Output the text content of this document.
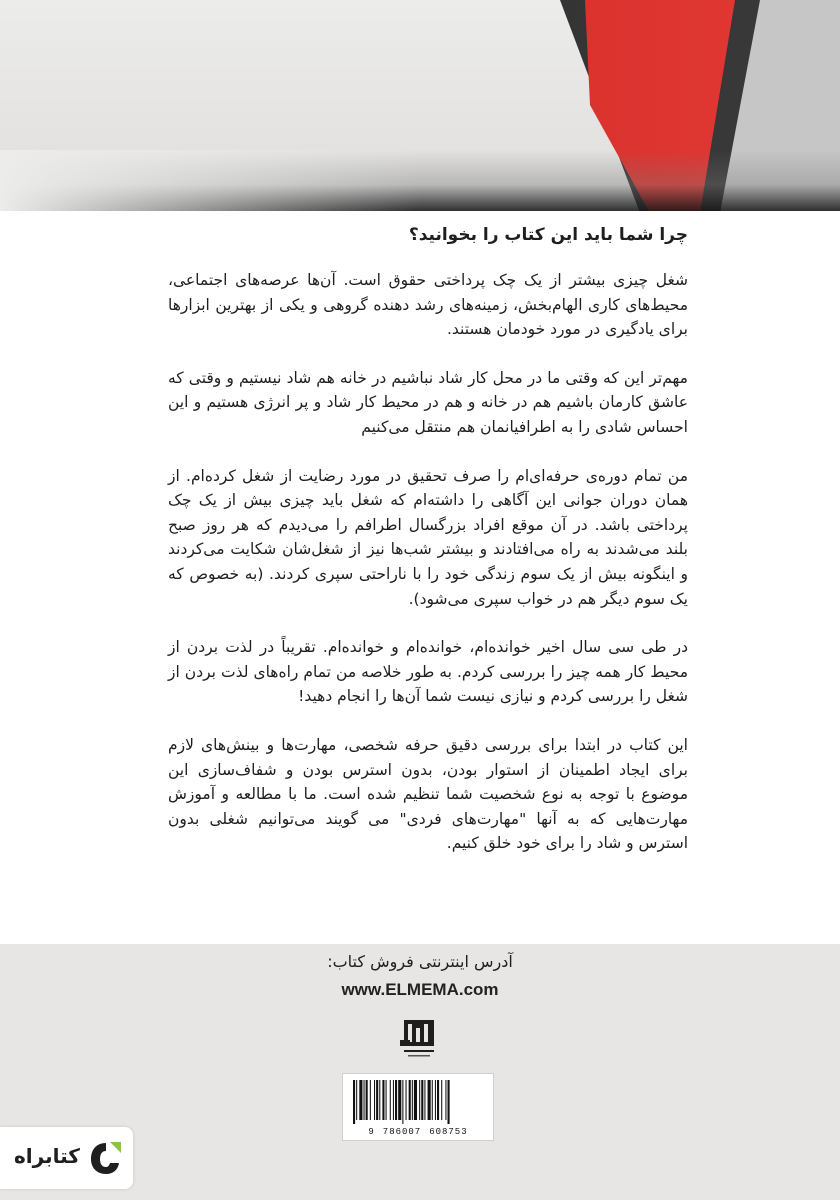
چرا شما باید این کتاب را بخوانید؟

شغل چیزی بیشتر از یک چک پرداختی حقوق است. آن‌ها عرصه‌های اجتماعی، محیط‌های کاری الهام‌بخش، زمینه‌های رشد دهنده گروهی و یکی از بهترین ابزارها برای یادگیری در مورد خودمان هستند.

مهم‌تر این که وقتی ما در محل کار شاد نباشیم در خانه هم شاد نیستیم و وقتی که عاشق کارمان باشیم هم در خانه و هم در محیط کار شاد و پر انرژی هستیم و این احساس شادی را به اطرافیانمان هم منتقل می‌کنیم

من تمام دوره‌ی حرفه‌ای‌ام را صرف تحقیق در مورد رضایت از شغل کرده‌ام. از همان دوران جوانی این آگاهی را داشته‌ام که شغل باید چیزی بیش از یک چک پرداختی باشد. در آن موقع افراد بزرگسال اطرافم را می‌دیدم که هر روز صبح بلند می‌شدند به راه می‌افتادند و بیشتر شب‌ها نیز از شغل‌شان شکایت می‌کردند و اینگونه بیش از یک سوم زندگی خود را با ناراحتی سپری کردند. (به خصوص که یک سوم دیگر هم در خواب سپری می‌شود).

در طی سی سال اخیر خوانده‌ام، خوانده‌ام و خوانده‌ام. تقریباً در لذت بردن از محیط کار همه چیز را بررسی کردم. به طور خلاصه من تمام راه‌های لذت بردن از شغل را بررسی کردم و نیازی نیست شما آن‌ها را انجام دهید!

این کتاب در ابتدا برای بررسی دقیق حرفه شخصی، مهارت‌ها و بینش‌های لازم برای ایجاد اطمینان از استوار بودن، بدون استرس بودن و شفاف‌سازی این موضوع با توجه به نوع شخصیت شما تنظیم شده است. ما با مطالعه و آموزش مهارت‌هایی که به آنها "مهارت‌های فردی" می گویند می‌توانیم شغلی بدون استرس و شاد را برای خود خلق کنیم.

آدرس اینترنتی فروش کتاب:
www.ELMEMA.com
9 786007 608753
کتابراه
